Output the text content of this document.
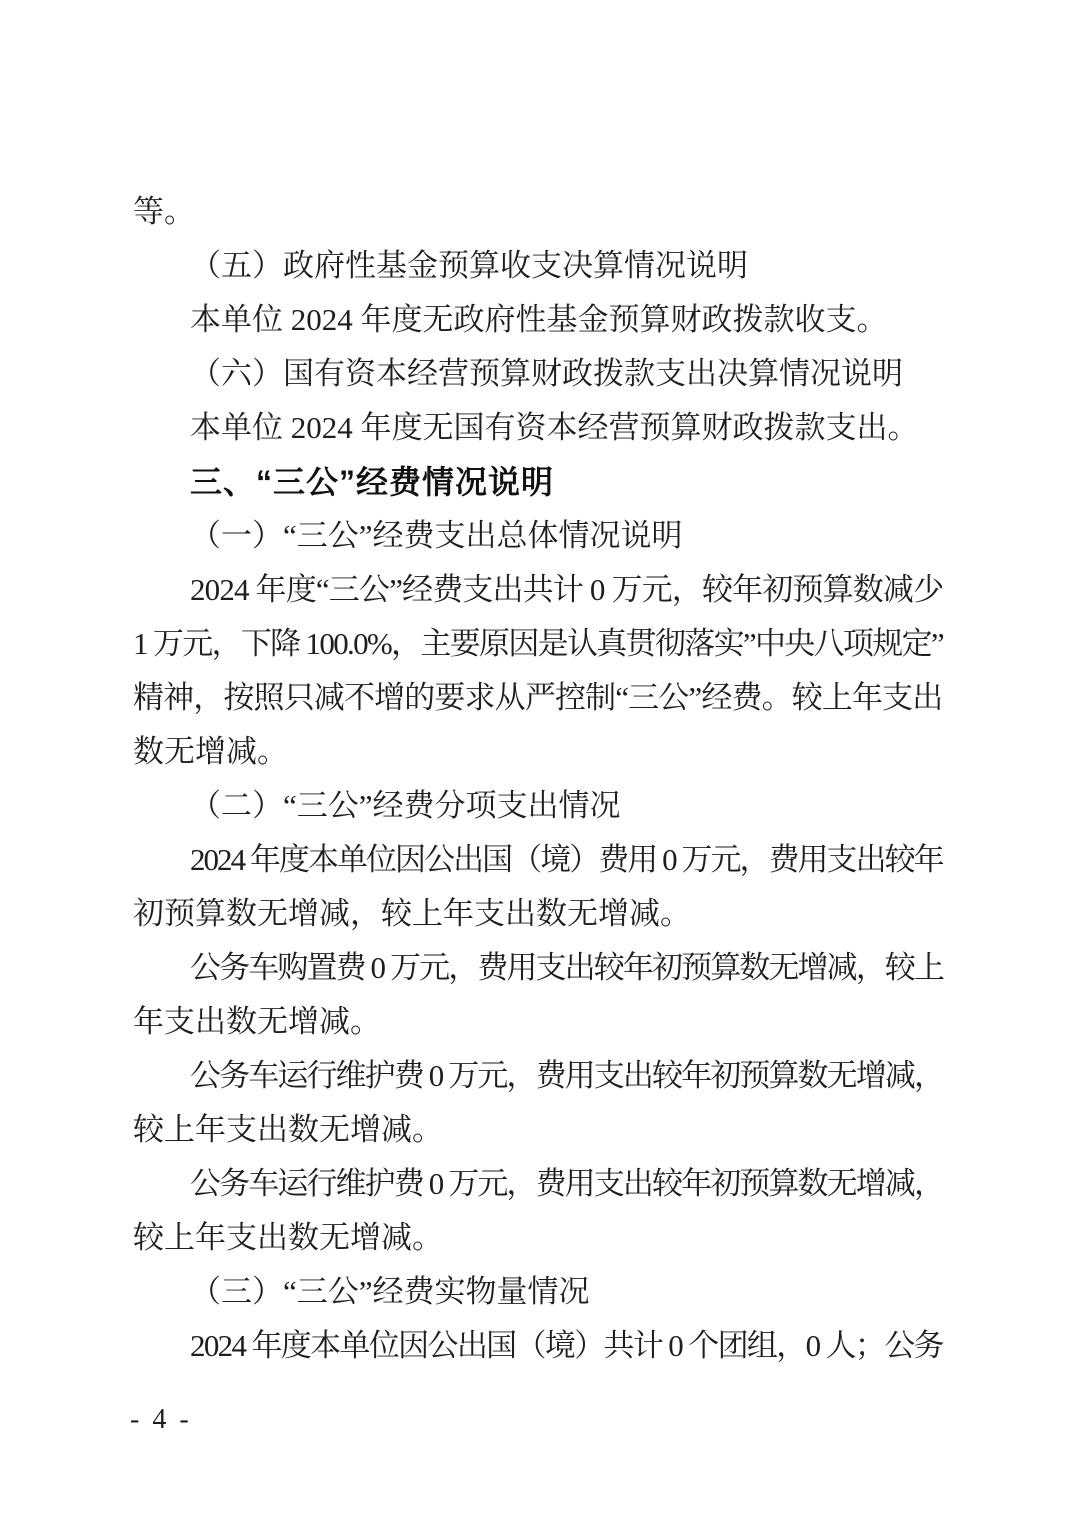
等。
（五）政府性基金预算收支决算情况说明
本单位 2024 年度无政府性基金预算财政拨款收支。
（六）国有资本经营预算财政拨款支出决算情况说明
本单位 2024 年度无国有资本经营预算财政拨款支出。
三、“三公”经费情况说明
（一）“三公”经费支出总体情况说明
2024 年度“三公”经费支出共计 0 万元，较年初预算数减少
1 万元，下降 100.0%，主要原因是认真贯彻落实”中央八项规定”
精神，按照只减不增的要求从严控制“三公”经费。较上年支出
数无增减。
（二）“三公”经费分项支出情况
2024 年度本单位因公出国（境）费用 0 万元，费用支出较年
初预算数无增减，较上年支出数无增减。
公务车购置费 0 万元，费用支出较年初预算数无增减，较上
年支出数无增减。
公务车运行维护费 0 万元，费用支出较年初预算数无增减，
较上年支出数无增减。
公务车运行维护费 0 万元，费用支出较年初预算数无增减，
较上年支出数无增减。
（三）“三公”经费实物量情况
2024 年度本单位因公出国（境）共计 0 个团组，0 人；公务
- 4 -
